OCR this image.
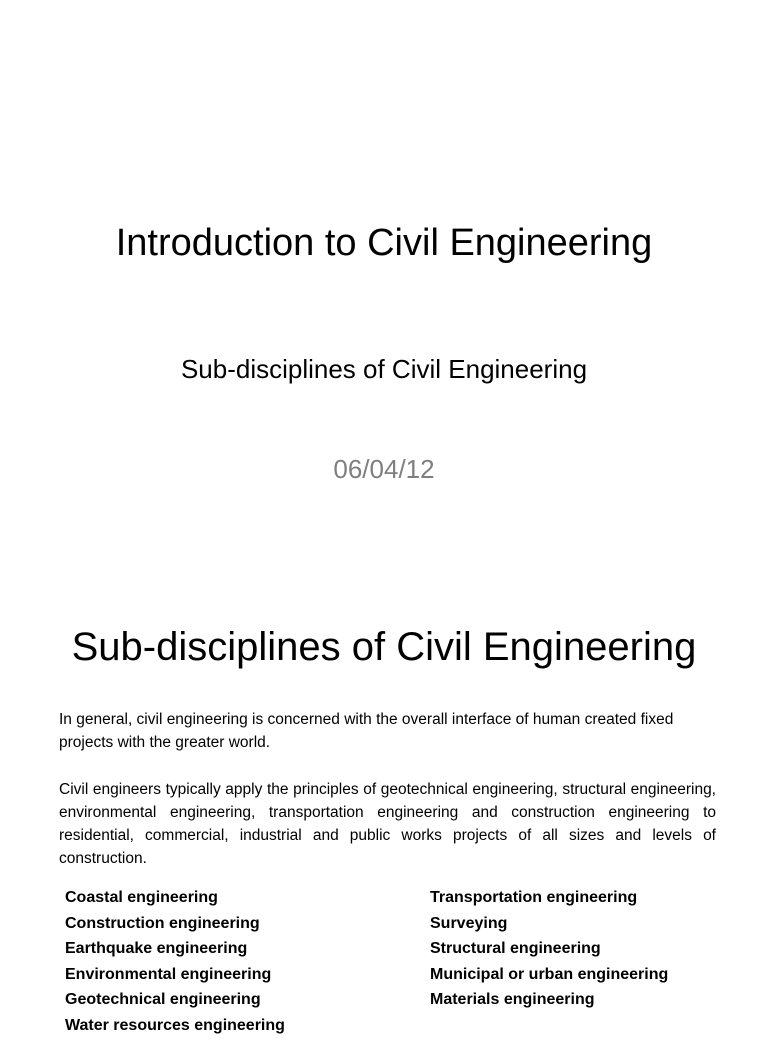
Introduction to Civil Engineering
Sub-disciplines of Civil Engineering
06/04/12
Sub-disciplines of Civil Engineering

In general, civil engineering is concerned with the overall interface of human created fixed projects with the greater world.

Civil engineers typically apply the principles of geotechnical engineering, structural engineering, environmental engineering, transportation engineering and construction engineering to residential, commercial, industrial and public works projects of all sizes and levels of construction.

Coastal engineering
Construction engineering
Earthquake engineering
Environmental engineering
Geotechnical engineering
Water resources engineering
Transportation engineering
Surveying
Structural engineering
Municipal or urban engineering
Materials engineering
